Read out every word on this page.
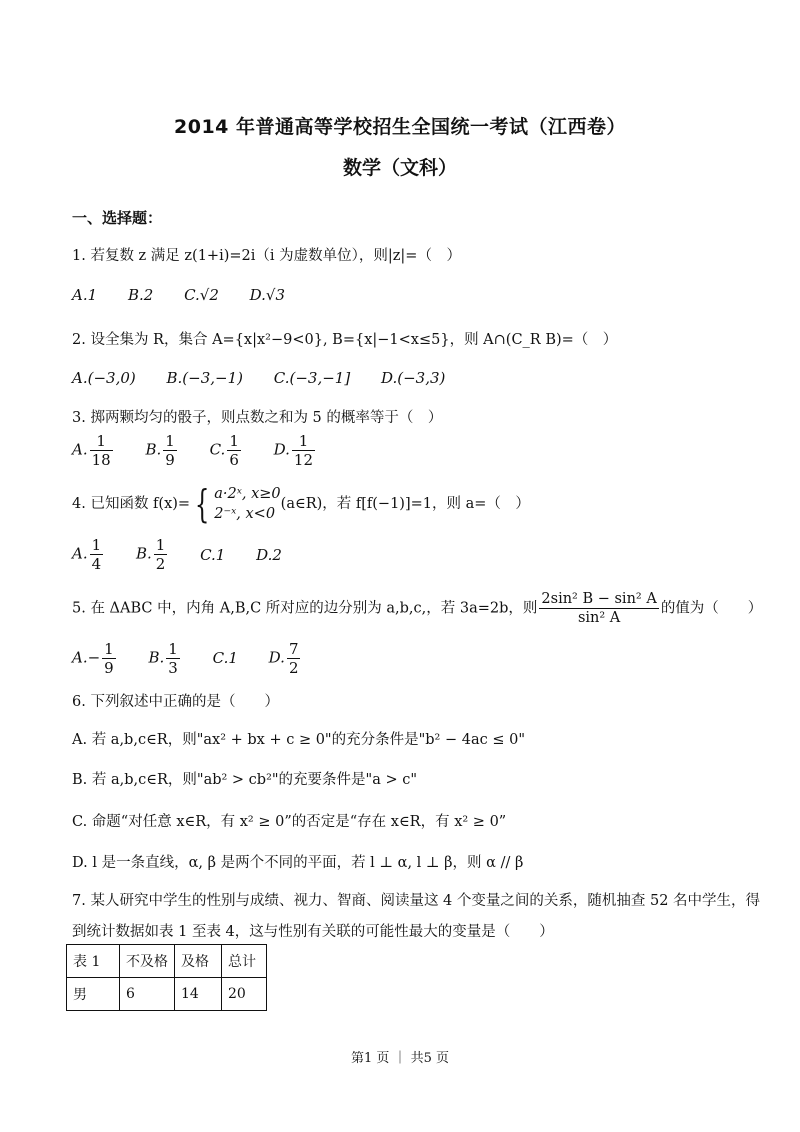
2014 年普通高等学校招生全国统一考试（江西卷）
数学（文科）
一、选择题：
1. 若复数 z 满足 z(1+i)=2i（i 为虚数单位），则|z|=（　）
A.1 B.2 C.√2 D.√3
2. 设全集为 R，集合 A={x|x²−9<0}, B={x|−1<x≤5}，则 A∩(C_R B)=（　）
A.(−3,0) B.(−3,−1) C.(−3,−1] D.(−3,3)
3. 掷两颗均匀的骰子，则点数之和为 5 的概率等于（　）
A. $\frac{1}{18} B$. $\frac{1}{9} C$. $\frac{1}{6} D$. $\frac{1}{12}$
4. 已知函数 f(x)= { a·2ˣ, x≥0
2⁻ˣ, x<0
(a∈R)，若 f[f(−1)]=1，则 a=（　）
A. $\frac{1}{4} B$. $\frac{1}{2} C.1$ D.2
5. 在 ΔABC 中，内角 A,B,C 所对应的边分别为 a,b,c,，若 3a=2b，则 $\frac{\text{2sin² B − sin² A}}{\text{sin² A}}$ 的值为（　　）
$A.- \frac{1}{9} B$. $\frac{1}{3} C.1$ D. $\frac{7}{2}$
6. 下列叙述中正确的是（　　）
A. 若 a,b,c∈R，则"ax² + bx + c ≥ 0"的充分条件是"b² − 4ac ≤ 0"
B. 若 a,b,c∈R，则"ab² > cb²"的充要条件是"a > c"
C. 命题“对任意 x∈R，有 x² ≥ 0”的否定是“存在 x∈R，有 x² ≥ 0”
D. l 是一条直线，α, β 是两个不同的平面，若 l ⊥ α, l ⊥ β，则 α // β
7. 某人研究中学生的性别与成绩、视力、智商、阅读量这 4 个变量之间的关系，随机抽查 52 名中学生，得
到统计数据如表 1 至表 4，这与性别有关联的可能性最大的变量是（　　）
表 1	不及格	及格	总计
男	6	14	20
第1 页 ｜ 共5 页
